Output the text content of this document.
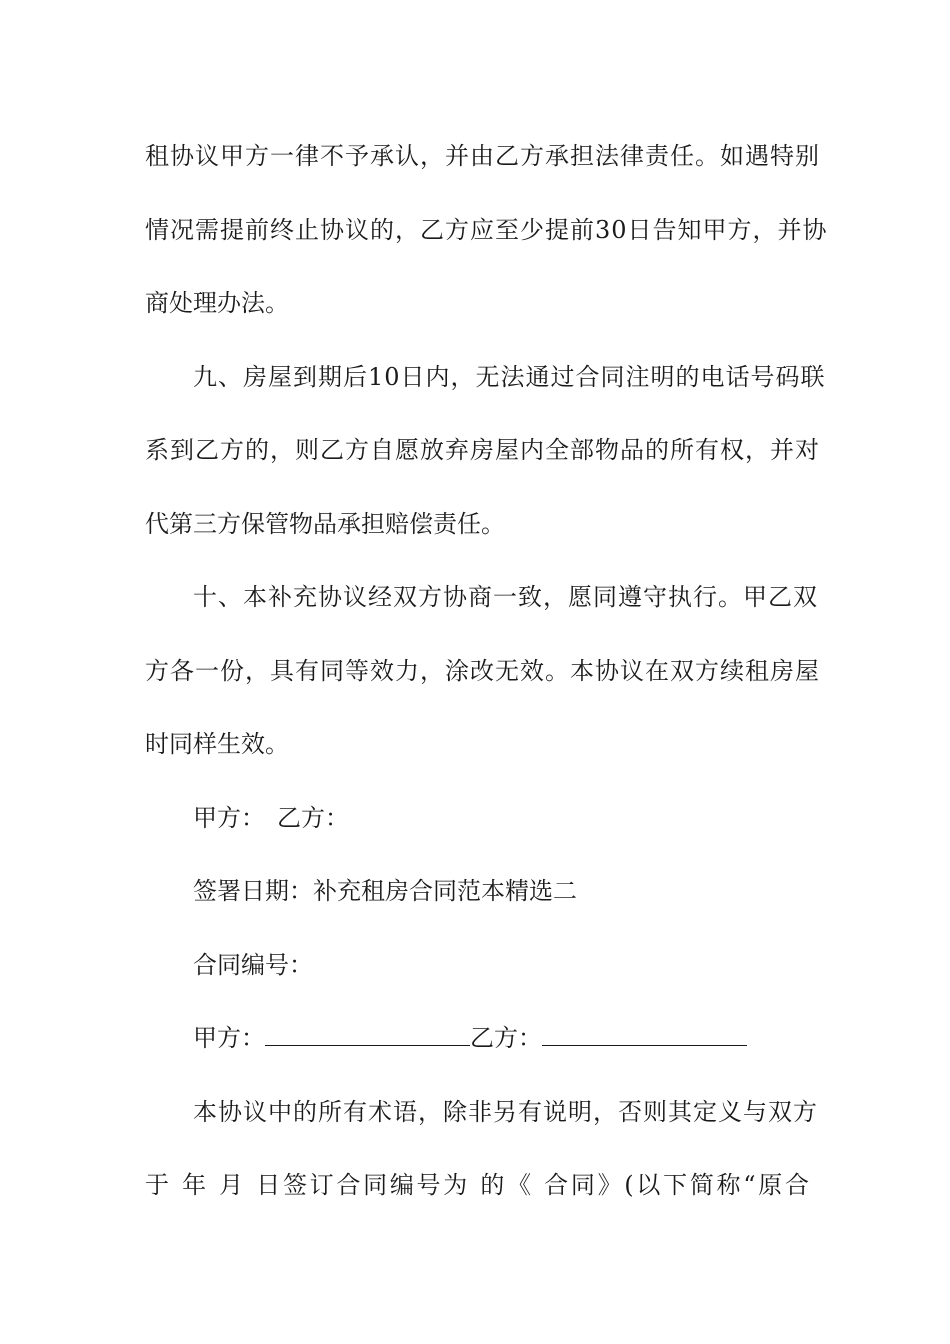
租协议甲方一律不予承认，并由乙方承担法律责任。如遇特别
情况需提前终止协议的，乙方应至少提前30日告知甲方，并协
商处理办法。
九、房屋到期后10日内，无法通过合同注明的电话号码联
系到乙方的，则乙方自愿放弃房屋内全部物品的所有权，并对
代第三方保管物品承担赔偿责任。
十、本补充协议经双方协商一致，愿同遵守执行。甲乙双
方各一份，具有同等效力，涂改无效。本协议在双方续租房屋
时同样生效。
甲方：　乙方：
签署日期：补充租房合同范本精选二
合同编号：
甲方：	乙方：
本协议中的所有术语，除非另有说明，否则其定义与双方
于 年 月 日签订合同编号为 的《 合同》(以下简称“原合
